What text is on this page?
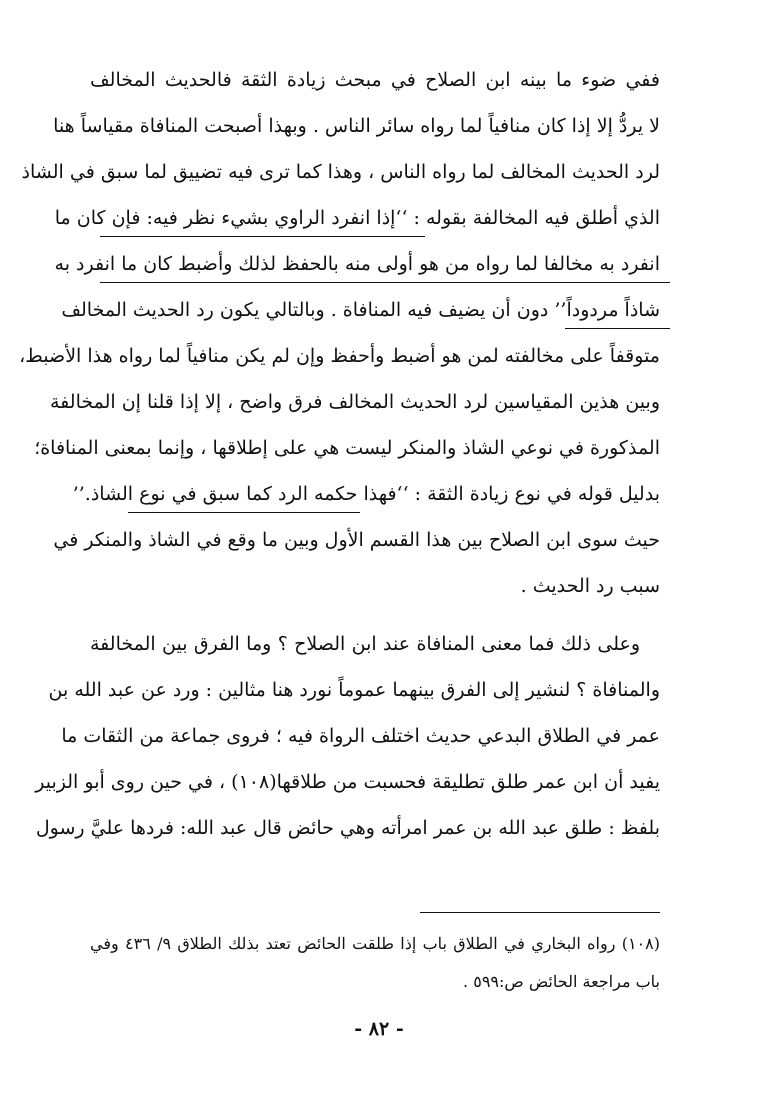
ففي ضوء ما بينه ابن الصلاح في مبحث زيادة الثقة فالحديث المخالف
لا يردُّ إلا إذا كان منافياً لما رواه سائر الناس . وبهذا أصبحت المنافاة مقياساً هنا
لرد الحديث المخالف لما رواه الناس ، وهذا كما ترى فيه تضييق لما سبق في الشاذ
الذي أطلق فيه المخالفة بقوله : ‘‘إذا انفرد الراوي بشيء نظر فيه: فإن كان ما
انفرد به مخالفا لما رواه من هو أولى منه بالحفظ لذلك وأضبط كان ما انفرد به
شاذاً مردوداً’’ دون أن يضيف فيه المنافاة . وبالتالي يكون رد الحديث المخالف
متوقفاً على مخالفته لمن هو أضبط وأحفظ وإن لم يكن منافياً لما رواه هذا الأضبط،
وبين هذين المقياسين لرد الحديث المخالف فرق واضح ، إلا إذا قلنا إن المخالفة
المذكورة في نوعي الشاذ والمنكر ليست هي على إطلاقها ، وإنما بمعنى المنافاة؛
بدليل قوله في نوع زيادة الثقة : ‘‘فهذا حكمه الرد كما سبق في نوع الشاذ.’’
حيث سوى ابن الصلاح بين هذا القسم الأول وبين ما وقع في الشاذ والمنكر في
سبب رد الحديث .
وعلى ذلك فما معنى المنافاة عند ابن الصلاح ؟ وما الفرق بين المخالفة
والمنافاة ؟ لنشير إلى الفرق بينهما عموماً نورد هنا مثالين : ورد عن عبد الله بن
عمر في الطلاق البدعي حديث اختلف الرواة فيه ؛ فروى جماعة من الثقات ما
يفيد أن ابن عمر طلق تطليقة فحسبت من طلاقها(١٠٨) ، في حين روى أبو الزبير
بلفظ : طلق عبد الله بن عمر امرأته وهي حائض قال عبد الله: فردها عليَّ رسول
(١٠٨) رواه البخاري في الطلاق باب إذا طلقت الحائض تعتد بذلك الطلاق ٩/ ٤٣٦ وفي
باب مراجعة الحائض ص:٥٩٩ .
- ٨٢ -
